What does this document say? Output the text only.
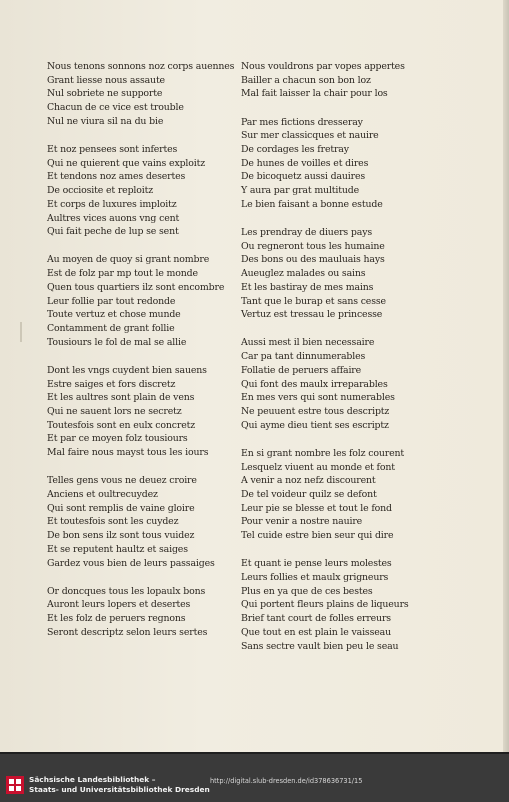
Nous tenons sonnons noz corps auennes
Grant liesse nous assaute
Nul sobriete ne supporte
Chacun de ce vice est trouble
Nul ne viura sil na du bie
Et noz pensees sont infertes
Qui ne quierent que vains exploitz
Et tendons noz ames desertes
De occiosite et reploitz
Et corps de luxures imploitz
Aultres vices auons vng cent
Qui fait peche de lup se sent
Au moyen de quoy si grant nombre
Est de folz par mp tout le monde
Quen tous quartiers ilz sont encombre
Leur follie par tout redonde
Toute vertuz et chose munde
Contamment de grant follie
Tousiours le fol de mal se allie
Dont les vngs cuydent bien sauens
Estre saiges et fors discretz
Et les aultres sont plain de vens
Qui ne sauent lors ne secretz
Toutesfois sont en eulx concretz
Et par ce moyen folz tousiours
Mal faire nous mayst tous les iours
Telles gens vous ne deuez croire
Anciens et oultrecuydez
Qui sont remplis de vaine gloire
Et toutesfois sont les cuydez
De bon sens ilz sont tous vuidez
Et se reputent haultz et saiges
Gardez vous bien de leurs passaiges
Or doncques tous les lopaulx bons
Auront leurs lopers et desertes
Et les folz de peruers regnons
Seront descriptz selon leurs sertes
Nous vouldrons par vopes appertes
Bailler a chacun son bon loz
Mal fait laisser la chair pour los
Par mes fictions dresseray
Sur mer classicques et nauire
De cordages les fretray
De hunes de voilles et dires
De bicoquetz aussi dauires
Y aura par grat multitude
Le bien faisant a bonne estude
Les prendray de diuers pays
Ou regneront tous les humaine
Des bons ou des mauluais hays
Aueuglez malades ou sains
Et les bastiray de mes mains
Tant que le burap et sans cesse
Vertuz est tressau le princesse
Aussi mest il bien necessaire
Car pa tant dinnumerables
Follatie de peruers affaire
Qui font des maulx irreparables
En mes vers qui sont numerables
Ne peuuent estre tous descriptz
Qui ayme dieu tient ses escriptz
En si grant nombre les folz courent
Lesquelz viuent au monde et font
A venir a noz nefz discourent
De tel voideur quilz se defont
Leur pie se blesse et tout le fond
Pour venir a nostre nauire
Tel cuide estre bien seur qui dire
Et quant ie pense leurs molestes
Leurs follies et maulx grigneurs
Plus en ya que de ces bestes
Qui portent fleurs plains de liqueurs
Brief tant court de folles erreurs
Que tout en est plain le vaisseau
Sans sectre vault bien peu le seau
Sächsische Landesbibliothek –
Staats- und Universitätsbibliothek Dresden
http://digital.slub-dresden.de/id378636731/15
